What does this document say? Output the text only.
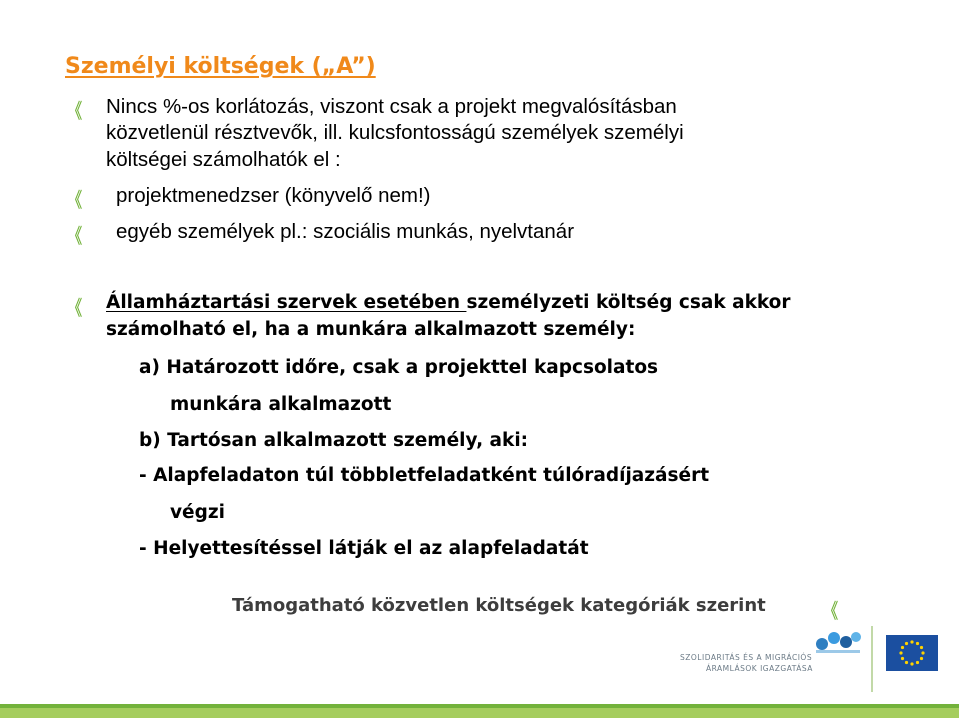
Személyi költségek („A”)
《 Nincs %-os korlátozás, viszont csak a projekt megvalósításban
közvetlenül résztvevők, ill. kulcsfontosságú személyek személyi
költségei számolhatók el :
《 projektmenedzser (könyvelő nem!)
《 egyéb személyek pl.: szociális munkás, nyelvtanár
《 Államháztartási szervek esetében személyzeti költség csak akkor
számolható el, ha a munkára alkalmazott személy:
a) Határozott időre, csak a projekttel kapcsolatos
munkára alkalmazott
b) Tartósan alkalmazott személy, aki:
- Alapfeladaton túl többletfeladatként túlóradíjazásért
végzi
- Helyettesítéssel látják el az alapfeladatát
Támogatható közvetlen költségek kategóriák szerint	《
SZOLIDARITÁS ÉS A MIGRÁCIÓS
ÁRAMLÁSOK IGAZGATÁSA
